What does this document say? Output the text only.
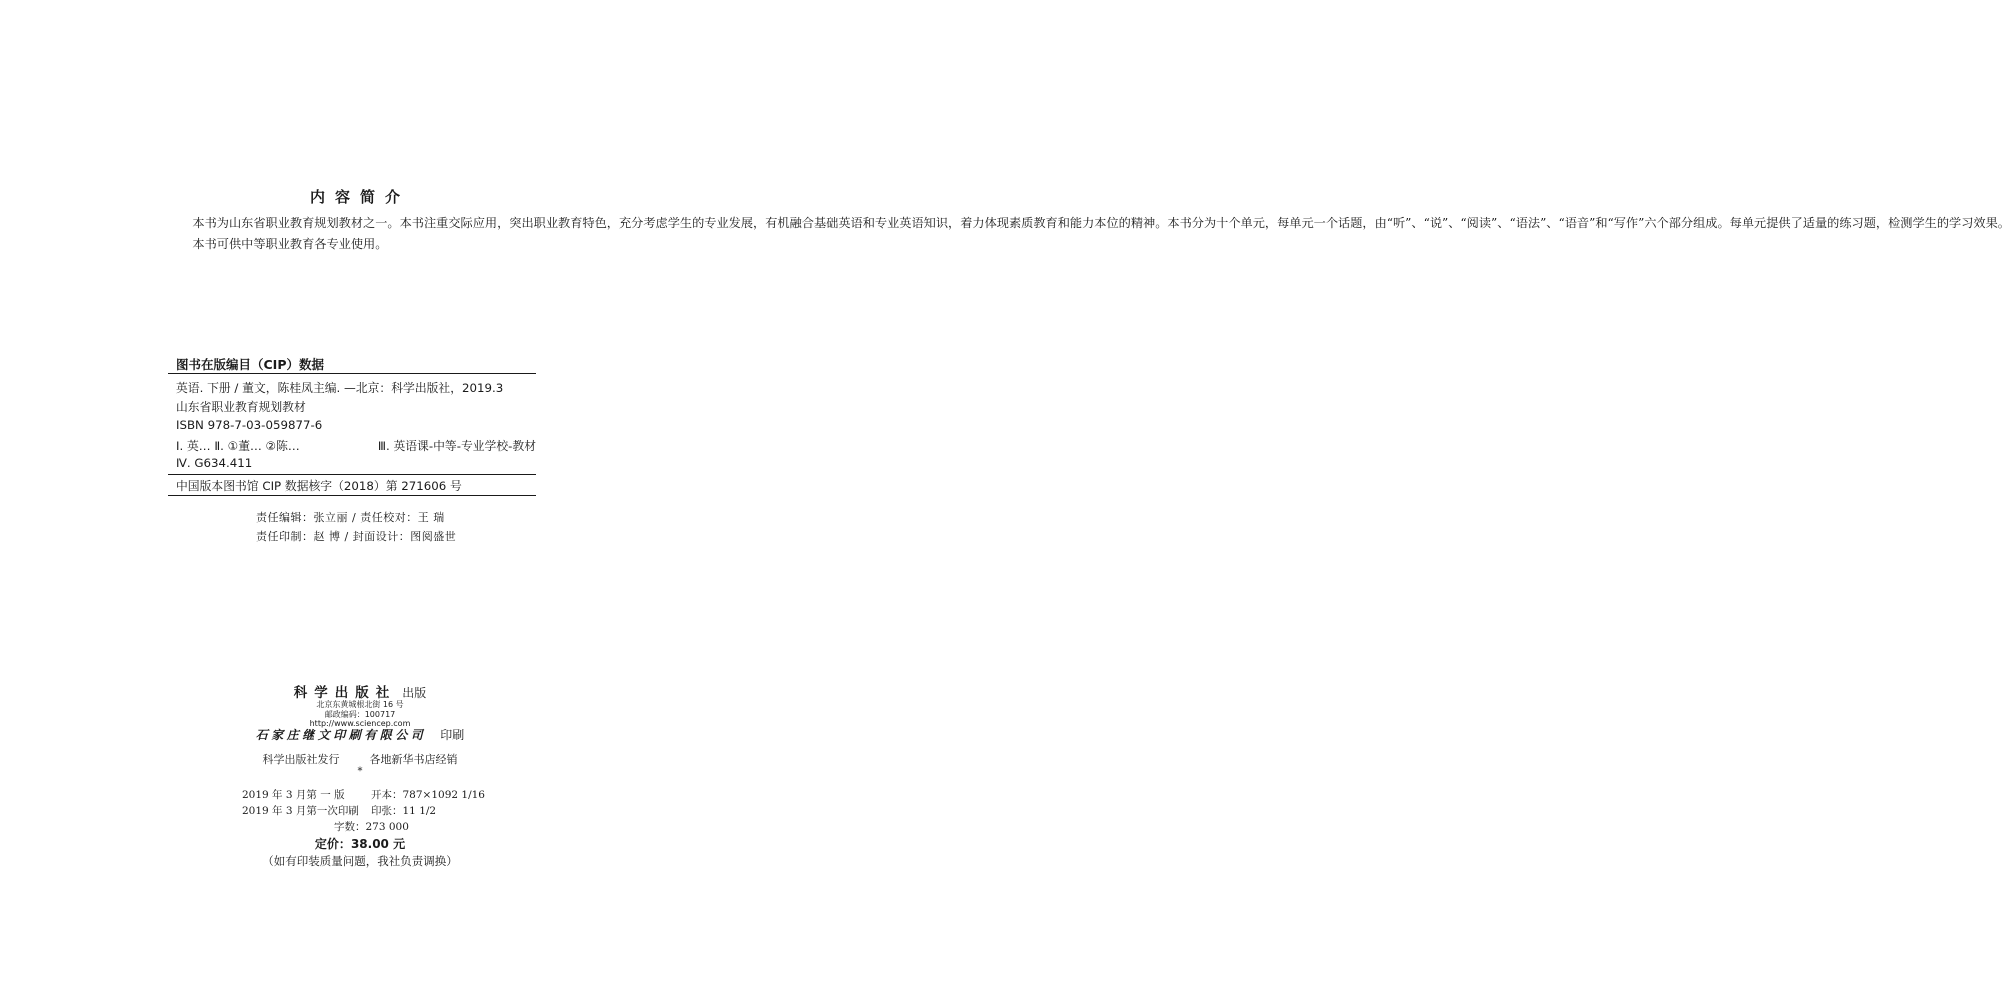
内容简介

本书为山东省职业教育规划教材之一。本书注重交际应用，突出职业教育特色，充分考虑学生的专业发展，有机融合基础英语和专业英语知识，着力体现素质教育和能力本位的精神。本书分为十个单元，每单元一个话题，由“听”、“说”、“阅读”、“语法”、“语音”和“写作”六个部分组成。每单元提供了适量的练习题，检测学生的学习效果。

本书可供中等职业教育各专业使用。

图书在版编目（CIP）数据
英语. 下册 / 董文，陈桂凤主编. —北京：科学出版社，2019.3
山东省职业教育规划教材
ISBN 978-7-03-059877-6
Ⅰ. 英… Ⅱ. ①董… ②陈…	Ⅲ. 英语课-中等-专业学校-教材
Ⅳ. G634.411
中国版本图书馆 CIP 数据核字（2018）第 271606 号
责任编辑：张立丽 / 责任校对：王 瑞
责任印制：赵 博 / 封面设计：图阅盛世
科学出版社 出版
北京东黄城根北街 16 号
邮政编码：100717
http://www.sciencep.com
石家庄继文印刷有限公司 印刷
科学出版社发行	各地新华书店经销
*
2019 年 3 月第 一 版	开本：787×1092 1/16
2019 年 3 月第一次印刷 印张：11 1/2
字数：273 000
定价：38.00 元
（如有印装质量问题，我社负责调换）
